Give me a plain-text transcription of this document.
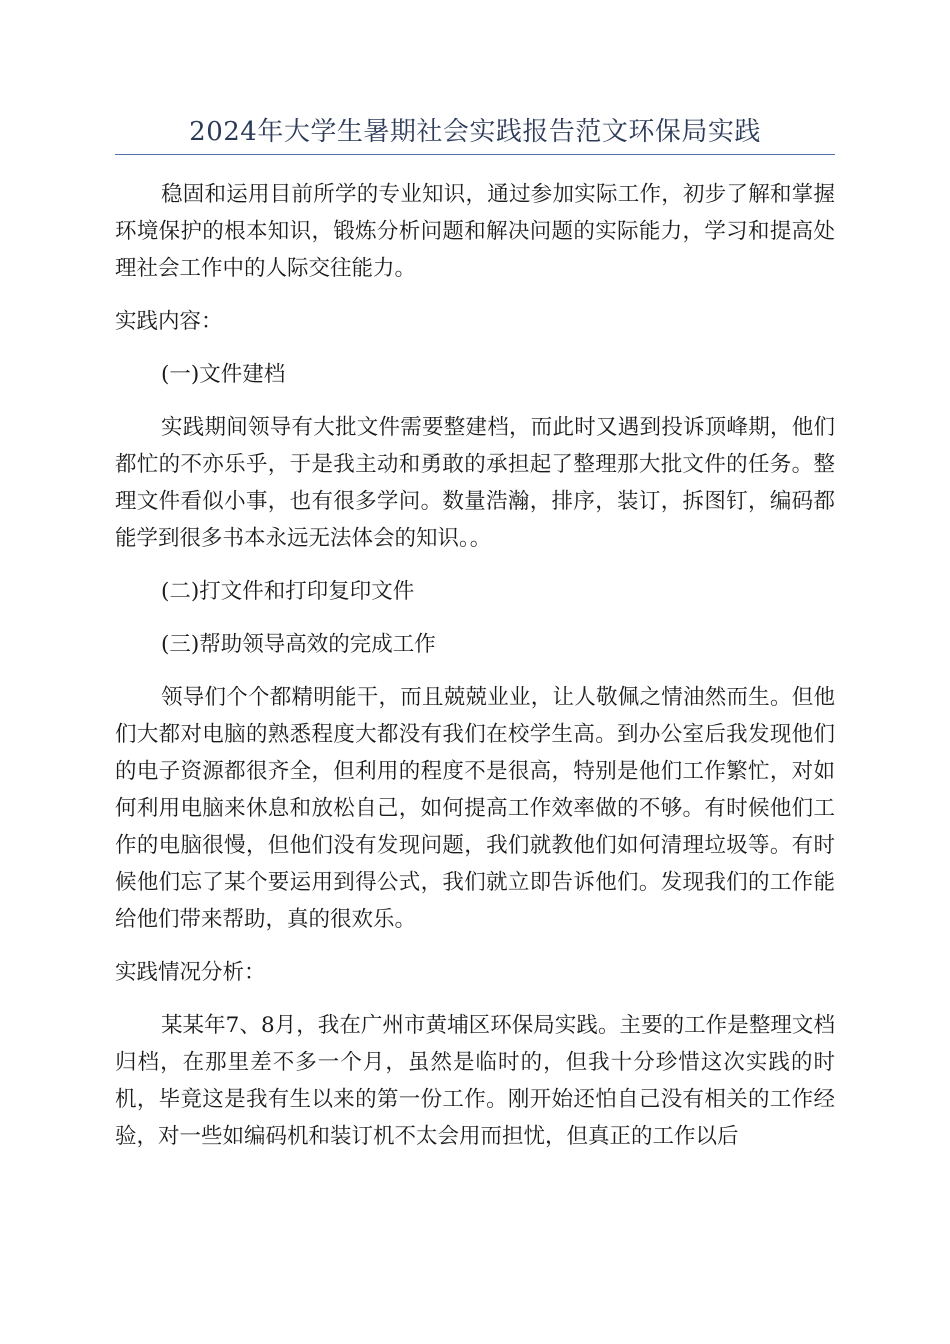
2024年大学生暑期社会实践报告范文环保局实践

稳固和运用目前所学的专业知识，通过参加实际工作，初步了解和掌握环境保护的根本知识，锻炼分析问题和解决问题的实际能力，学习和提高处理社会工作中的人际交往能力。

实践内容：

(一)文件建档

实践期间领导有大批文件需要整建档，而此时又遇到投诉顶峰期，他们都忙的不亦乐乎，于是我主动和勇敢的承担起了整理那大批文件的任务。整理文件看似小事，也有很多学问。数量浩瀚，排序，装订，拆图钉，编码都能学到很多书本永远无法体会的知识。。

(二)打文件和打印复印文件

(三)帮助领导高效的完成工作

领导们个个都精明能干，而且兢兢业业，让人敬佩之情油然而生。但他们大都对电脑的熟悉程度大都没有我们在校学生高。到办公室后我发现他们的电子资源都很齐全，但利用的程度不是很高，特别是他们工作繁忙，对如何利用电脑来休息和放松自己，如何提高工作效率做的不够。有时候他们工作的电脑很慢，但他们没有发现问题，我们就教他们如何清理垃圾等。有时候他们忘了某个要运用到得公式，我们就立即告诉他们。发现我们的工作能给他们带来帮助，真的很欢乐。

实践情况分析：

某某年7、8月，我在广州市黄埔区环保局实践。主要的工作是整理文档归档，在那里差不多一个月，虽然是临时的，但我十分珍惜这次实践的时机，毕竟这是我有生以来的第一份工作。刚开始还怕自己没有相关的工作经验，对一些如编码机和装订机不太会用而担忧，但真正的工作以后
